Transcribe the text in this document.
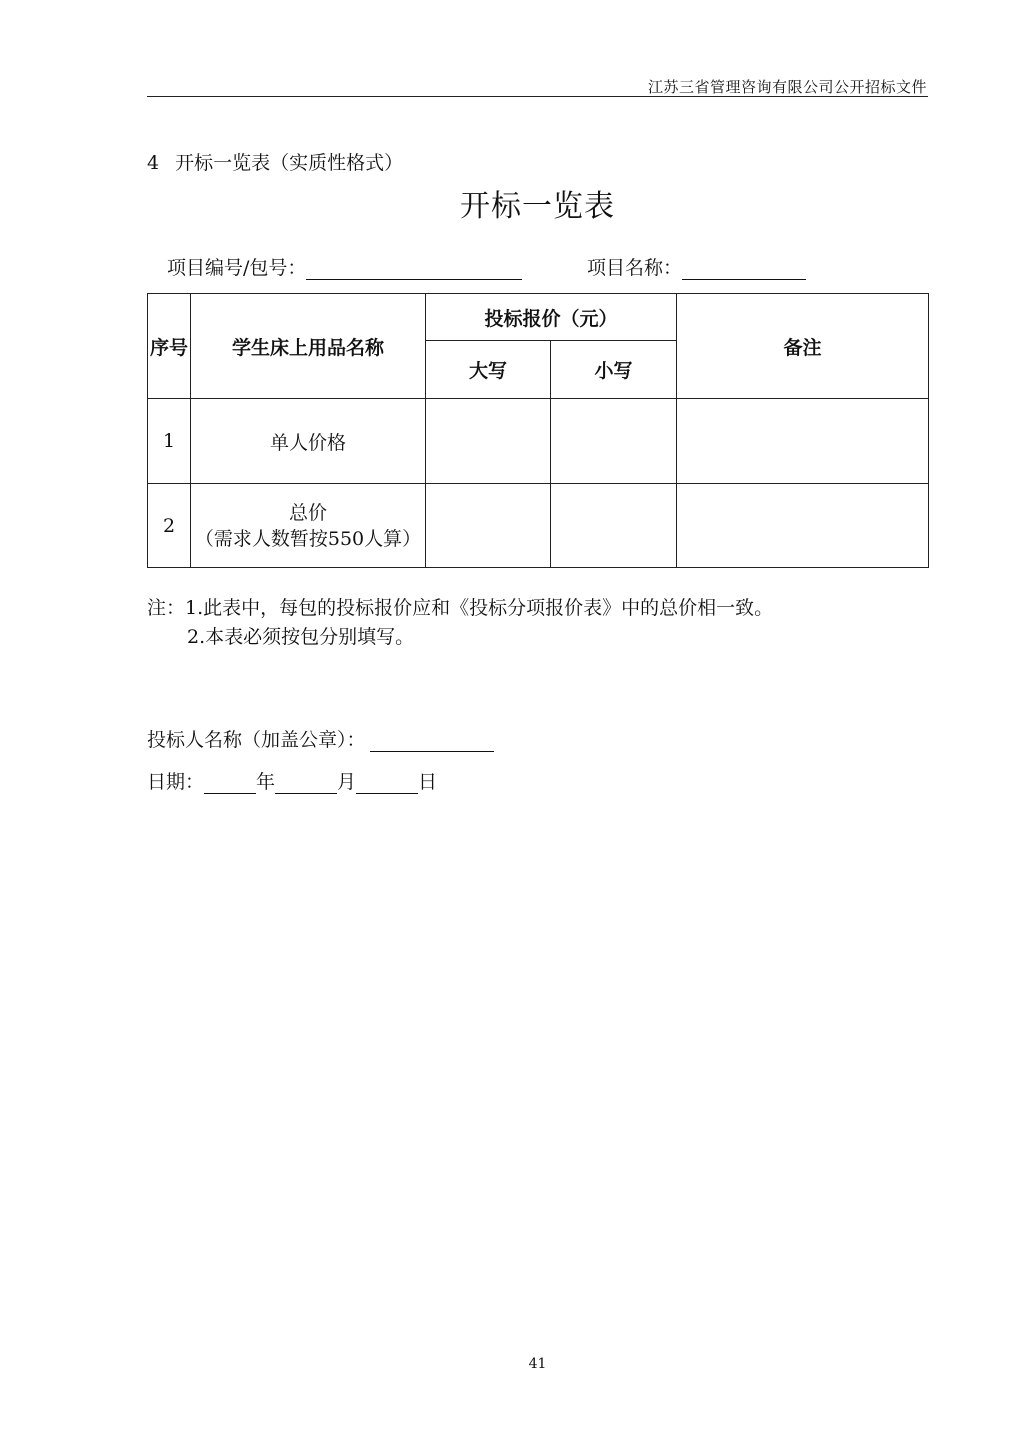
江苏三省管理咨询有限公司公开招标文件
4 开标一览表（实质性格式）
开标一览表
项目编号/包号：	项目名称：
序号	学生床上用品名称	投标报价（元）		备注
		大写	小写	
1	单人价格			
2	总价
（需求人数暂按550人算）			

注：1.此表中，每包的投标报价应和《投标分项报价表》中的总价相一致。
2.本表必须按包分别填写。
投标人名称（加盖公章）：
日期：	年	月	日
41
